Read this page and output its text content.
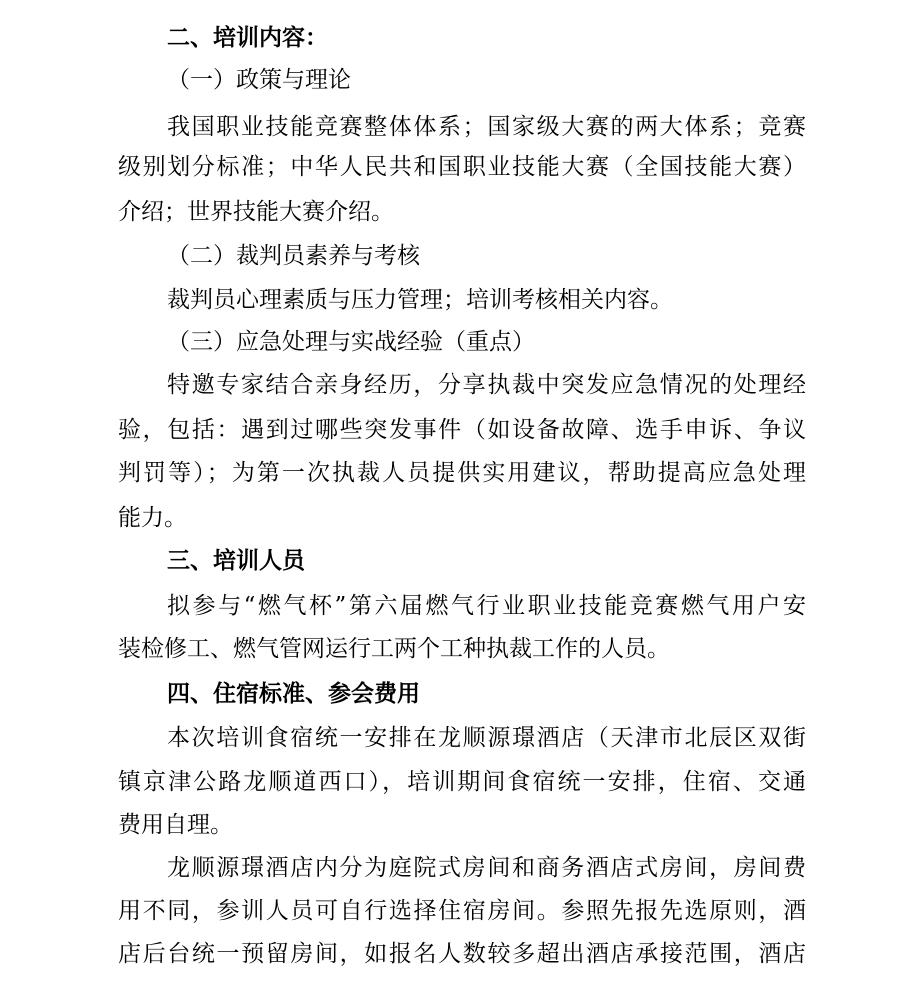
二、培训内容：
（一）政策与理论
我国职业技能竞赛整体体系；国家级大赛的两大体系；竞赛
级别划分标准；中华人民共和国职业技能大赛（全国技能大赛）
介绍；世界技能大赛介绍。
（二）裁判员素养与考核
裁判员心理素质与压力管理；培训考核相关内容。
（三）应急处理与实战经验（重点）
特邀专家结合亲身经历，分享执裁中突发应急情况的处理经
验，包括：遇到过哪些突发事件（如设备故障、选手申诉、争议
判罚等）；为第一次执裁人员提供实用建议，帮助提高应急处理
能力。
三、培训人员
拟参与“燃气杯”第六届燃气行业职业技能竞赛燃气用户安
装检修工、燃气管网运行工两个工种执裁工作的人员。
四、住宿标准、参会费用
本次培训食宿统一安排在龙顺源璟酒店（天津市北辰区双街
镇京津公路龙顺道西口），培训期间食宿统一安排，住宿、交通
费用自理。
龙顺源璟酒店内分为庭院式房间和商务酒店式房间，房间费
用不同，参训人员可自行选择住宿房间。参照先报先选原则，酒
店后台统一预留房间，如报名人数较多超出酒店承接范围，酒店
